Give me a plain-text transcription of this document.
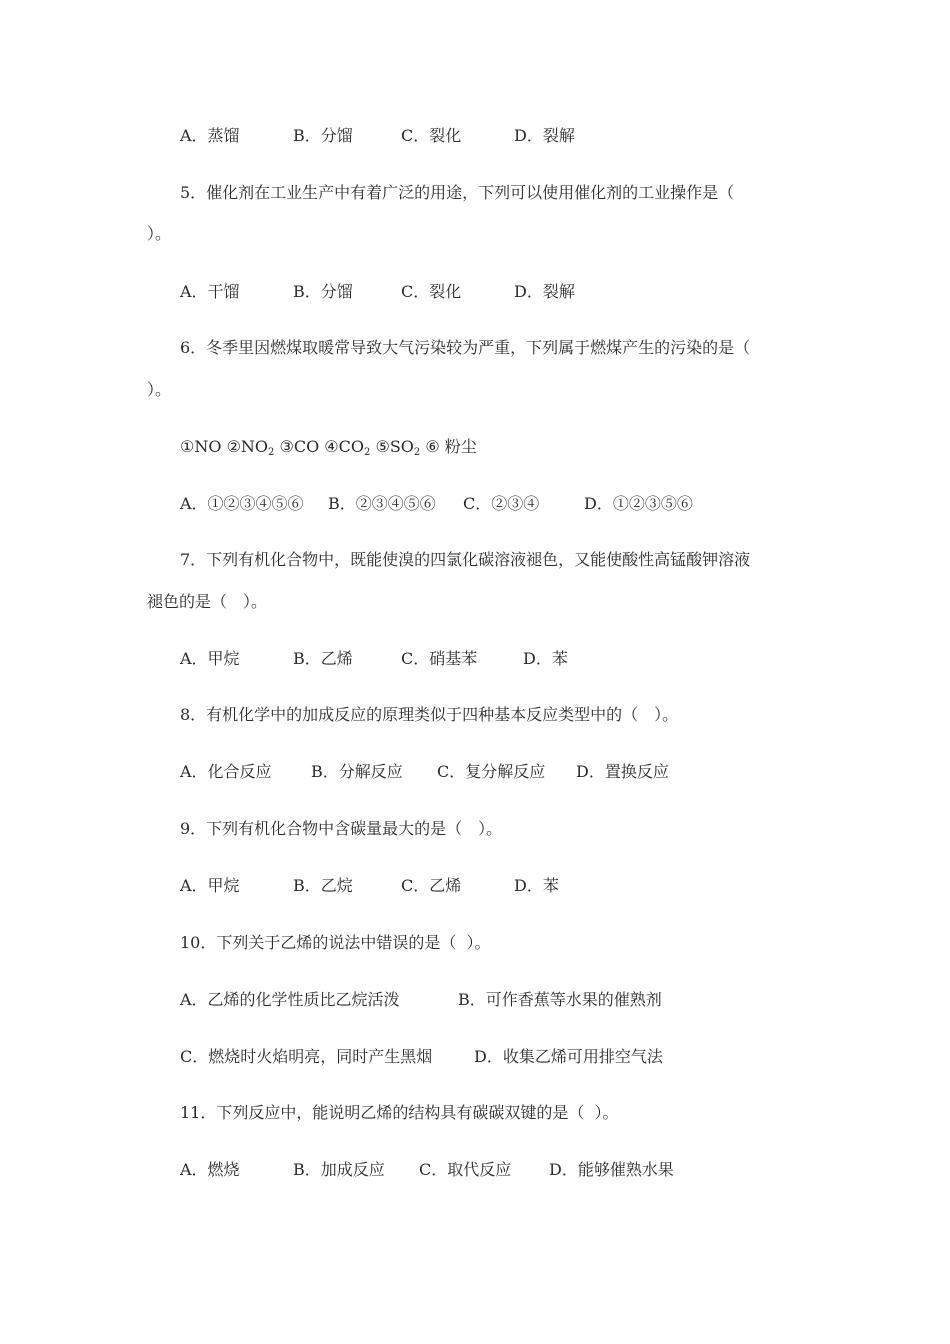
A．蒸馏	B．分馏	C．裂化	D．裂解
5．催化剂在工业生产中有着广泛的用途，下列可以使用催化剂的工业操作是（
）。
A．干馏	B．分馏	C．裂化	D．裂解
6．冬季里因燃煤取暖常导致大气污染较为严重，下列属于燃煤产生的污染的是（
）。
①NO $②NO_2$ ③CO $④CO_2$ $⑤SO_2$ ⑥ 粉尘
A．①②③④⑤⑥ B．②③④⑤⑥ C．②③④	D．①②③⑤⑥
7．下列有机化合物中，既能使溴的四氯化碳溶液褪色，又能使酸性高锰酸钾溶液
褪色的是（　）。
A．甲烷	B．乙烯	C．硝基苯	D．苯
8．有机化学中的加成反应的原理类似于四种基本反应类型中的（　）。
A．化合反应 B．分解反应 C．复分解反应 D．置换反应
9．下列有机化合物中含碳量最大的是（　）。
A．甲烷	B．乙烷	C．乙烯	D．苯
10．下列关于乙烯的说法中错误的是（  ）。
A．乙烯的化学性质比乙烷活泼	B．可作香蕉等水果的催熟剂
C．燃烧时火焰明亮，同时产生黑烟	D．收集乙烯可用排空气法
11．下列反应中，能说明乙烯的结构具有碳碳双键的是（  ）。
A．燃烧	B．加成反应 C．取代反应 D．能够催熟水果
